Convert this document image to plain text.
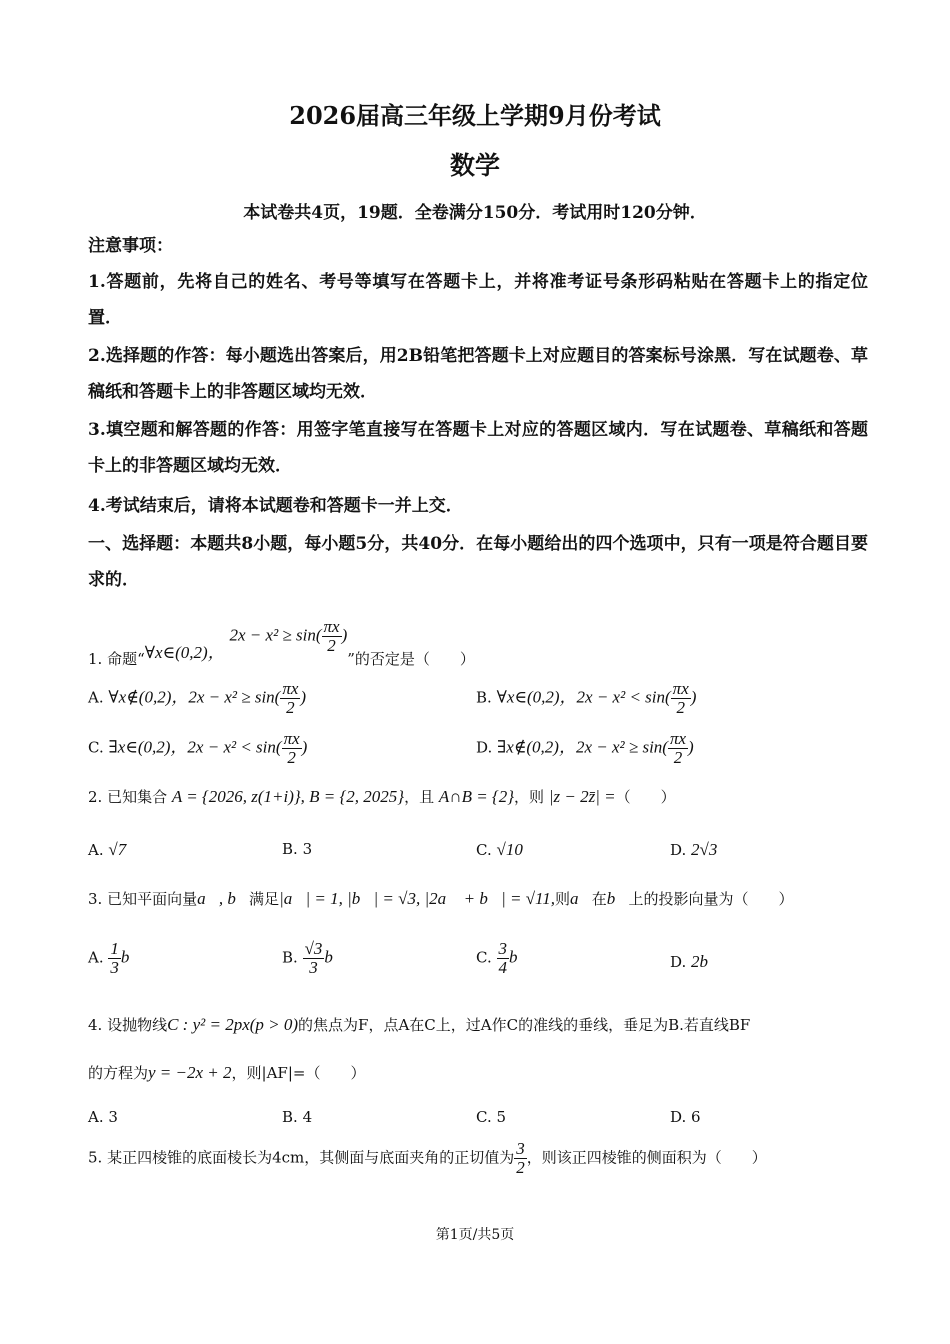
2026届高三年级上学期9月份考试
数学
本试卷共4页，19题．全卷满分150分．考试用时120分钟．
注意事项：
1.答题前，先将自己的姓名、考号等填写在答题卡上，并将准考证号条形码粘贴在答题卡上的指定位置．
2.选择题的作答：每小题选出答案后，用2B铅笔把答题卡上对应题目的答案标号涂黑．写在试题卷、草稿纸和答题卡上的非答题区域均无效．
3.填空题和解答题的作答：用签字笔直接写在答题卡上对应的答题区域内．写在试题卷、草稿纸和答题卡上的非答题区域均无效．
4.考试结束后，请将本试题卷和答题卡一并上交．
一、选择题：本题共8小题，每小题5分，共40分．在每小题给出的四个选项中，只有一项是符合题目要求的．
1. 命题“∀x∈(0,2)， $2x - x^2 \ge \sin( \frac{\pi x}{2}$ )”的否定是（　　）
A. ∀x∉(0,2)，$2x - x^2 \ge \sin( \frac{\pi x}{2}$ )	B. ∀x∈(0,2)，$2x - x^2 < \sin( \frac{\pi x}{2}$ )
C. ∃x∈(0,2)，$2x - x^2 < \sin( \frac{\pi x}{2}$ )	D. ∃x∉(0,2)，$2x - x^2 \ge \sin( \frac{\pi x}{2}$ )
2. 已知集合 A = {2026, z(1+i)}, B = {2, 2025}，且 A∩B = {2}，则 |z − 2z̄| =（　　）
A. √7	B. 3	C. √10	D. 2√3
3. 已知平面向量a⃗, b⃗满足|a⃗| = 1, |b⃗| = √3, |2a⃗ + b⃗| = √11,则a⃗在b⃗上的投影向量为（　　）
A. $\frac{1}{3}$ b⃗	B. $\frac{√3}{3}$ b⃗	C. $\frac{3}{4}$ b⃗	D. 2b⃗
4. 设抛物线C : y² = 2px(p > 0)的焦点为F，点A在C上，过A作C的准线的垂线，垂足为B.若直线BF
的方程为y = −2x + 2，则|AF|=（　　）
A. 3	B. 4	C. 5	D. 6
5. 某正四棱锥的底面棱长为4cm，其侧面与底面夹角的正切值为 $\frac{3}{2}$ ，则该正四棱锥的侧面积为（　　）
第1页/共5页
